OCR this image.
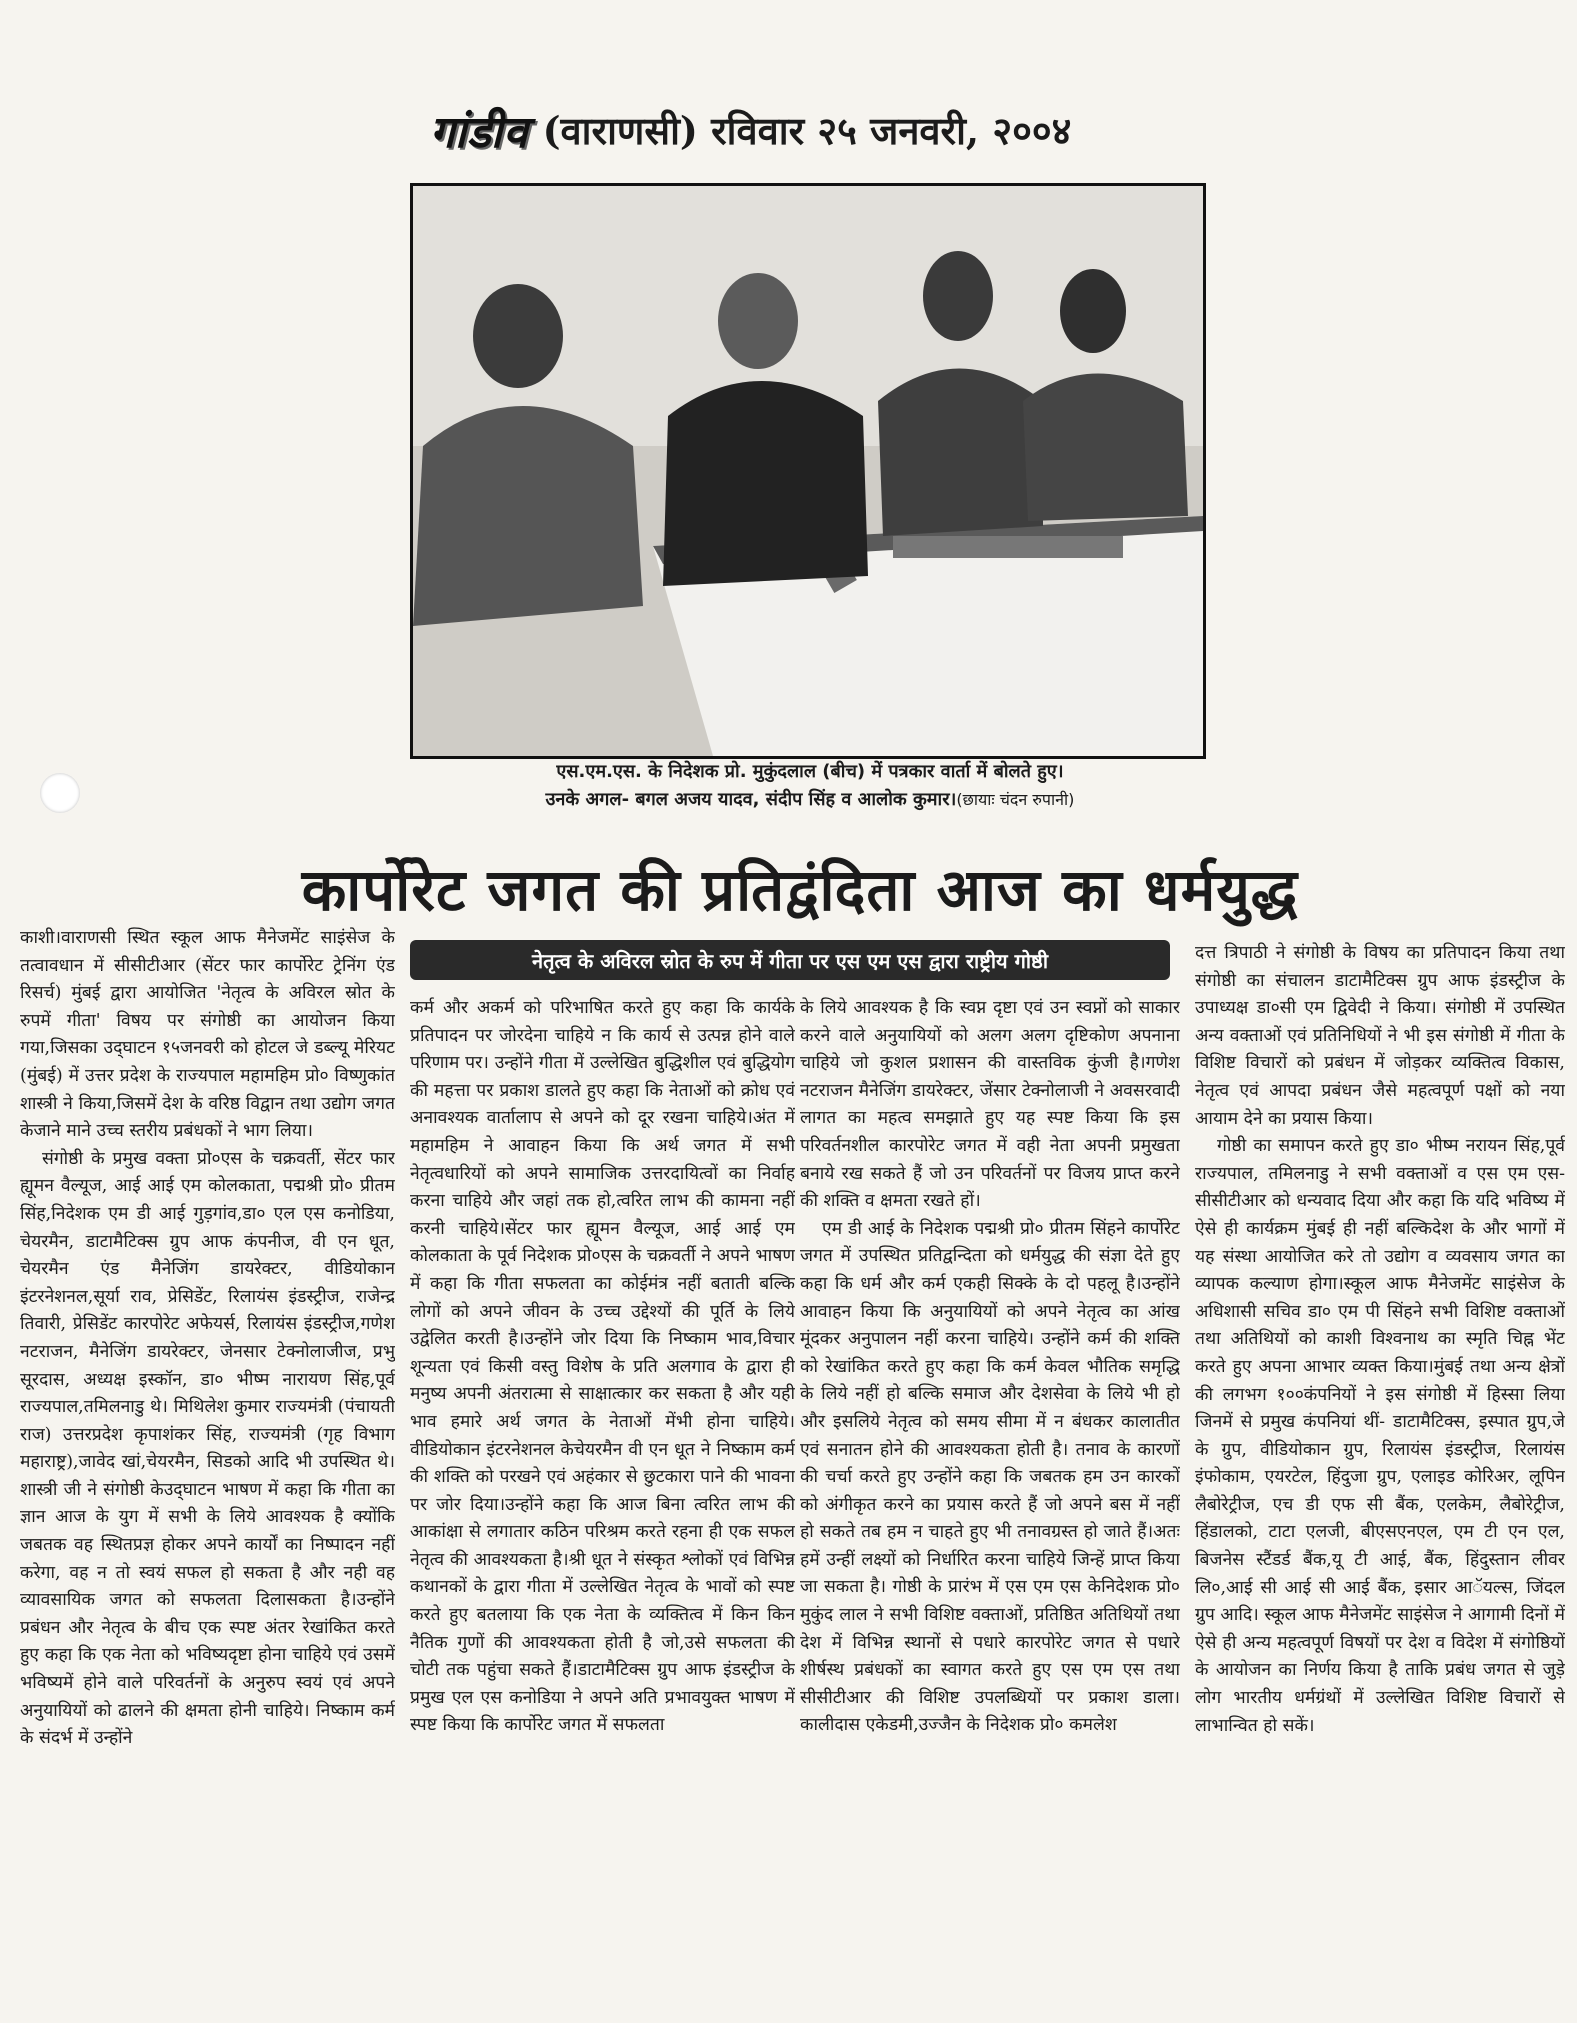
गांडीव (वाराणसी) रविवार २५ जनवरी, २००४
एस.एम.एस. के निदेशक प्रो. मुकुंदलाल (बीच) में पत्रकार वार्ता में बोलते हुए।
उनके अगल- बगल अजय यादव, संदीप सिंह व आलोक कुमार।(छायाः चंदन रुपानी)
कार्पोरेट जगत की प्रतिद्वंदिता आज का धर्मयुद्ध
नेतृत्व के अविरल स्रोत के रुप में गीता पर एस एम एस द्वारा राष्ट्रीय गोष्ठी

काशी।वाराणसी स्थित स्कूल आफ मैनेजमेंट साइंसेज के तत्वावधान में सीसीटीआर (सेंटर फार कार्पोरेट ट्रेनिंग एंड रिसर्च) मुंबई द्वारा आयोजित 'नेतृत्व के अविरल स्रोत के रुपमें गीता' विषय पर संगोष्ठी का आयोजन किया गया,जिसका उद्‌घाटन १५जनवरी को होटल जे डब्ल्यू मेरियट (मुंबई) में उत्तर प्रदेश के राज्यपाल महामहिम प्रो० विष्णुकांत शास्त्री ने किया,जिसमें देश के वरिष्ठ विद्वान तथा उद्योग जगत केजाने माने उच्च स्तरीय प्रबंधकों ने भाग लिया।

संगोष्ठी के प्रमुख वक्ता प्रो०एस के चक्रवर्ती, सेंटर फार ह्यूमन वैल्यूज, आई आई एम कोलकाता, पद्मश्री प्रो० प्रीतम सिंह,निदेशक एम डी आई गुड़गांव,डा० एल एस कनोडिया, चेयरमैन, डाटामैटिक्स ग्रुप आफ कंपनीज, वी एन धूत, चेयरमैन एंड मैनेजिंग डायरेक्टर, वीडियोकान इंटरनेशनल,सूर्या राव, प्रेसिडेंट, रिलायंस इंडस्ट्रीज, राजेन्द्र तिवारी, प्रेसिडेंट कारपोरेट अफेयर्स, रिलायंस इंडस्ट्रीज,गणेश नटराजन, मैनेजिंग डायरेक्टर, जेनसार टेक्नोलाजीज, प्रभु सूरदास, अध्यक्ष इस्कॉन, डा० भीष्म नारायण सिंह,पूर्व राज्यपाल,तमिलनाडु थे। मिथिलेश कुमार राज्यमंत्री (पंचायती राज) उत्तरप्रदेश कृपाशंकर सिंह, राज्यमंत्री (गृह विभाग महाराष्ट्र),जावेद खां,चेयरमैन, सिडको आदि भी उपस्थित थे।शास्त्री जी ने संगोष्ठी केउद्‌घाटन भाषण में कहा कि गीता का ज्ञान आज के युग में सभी के लिये आवश्यक है क्योंकि जबतक वह स्थितप्रज्ञ होकर अपने कार्यों का निष्पादन नहीं करेगा, वह न तो स्वयं सफल हो सकता है और नही वह व्यावसायिक जगत को सफलता दिलासकता है।उन्होंने प्रबंधन और नेतृत्व के बीच एक स्पष्ट अंतर रेखांकित करते हुए कहा कि एक नेता को भविष्यदृष्टा होना चाहिये एवं उसमें भविष्यमें होने वाले परिवर्तनों के अनुरुप स्वयं एवं अपने अनुयायियों को ढालने की क्षमता होनी चाहिये। निष्काम कर्म के संदर्भ में उन्होंने

कर्म और अकर्म को परिभाषित करते हुए कहा कि कार्यके प्रतिपादन पर जोरदेना चाहिये न कि कार्य से उत्पन्न होने वाले परिणाम पर। उन्होंने गीता में उल्लेखित बुद्धिशील एवं बुद्धियोग की महत्ता पर प्रकाश डालते हुए कहा कि नेताओं को क्रोध एवं अनावश्यक वार्तालाप से अपने को दूर रखना चाहिये।अंत में महामहिम ने आवाहन किया कि अर्थ जगत में सभी नेतृत्वधारियों को अपने सामाजिक उत्तरदायित्वों का निर्वाह करना चाहिये और जहां तक हो,त्वरित लाभ की कामना नहीं करनी चाहिये।सेंटर फार ह्यूमन वैल्यूज, आई आई एम कोलकाता के पूर्व निदेशक प्रो०एस के चक्रवर्ती ने अपने भाषण में कहा कि गीता सफलता का कोईमंत्र नहीं बताती बल्कि लोगों को अपने जीवन के उच्च उद्देश्यों की पूर्ति के लिये उद्वेलित करती है।उन्होंने जोर दिया कि निष्काम भाव,विचार शून्यता एवं किसी वस्तु विशेष के प्रति अलगाव के द्वारा ही मनुष्य अपनी अंतरात्मा से साक्षात्कार कर सकता है और यही भाव हमारे अर्थ जगत के नेताओं मेंभी होना चाहिये। वीडियोकान इंटरनेशनल केचेयरमैन वी एन धूत ने निष्काम कर्म की शक्ति को परखने एवं अहंकार से छुटकारा पाने की भावना पर जोर दिया।उन्होंने कहा कि आज बिना त्वरित लाभ की आकांक्षा से लगातार कठिन परिश्रम करते रहना ही एक सफल नेतृत्व की आवश्यकता है।श्री धूत ने संस्कृत श्लोकों एवं विभिन्न कथानकों के द्वारा गीता में उल्लेखित नेतृत्व के भावों को स्पष्ट करते हुए बतलाया कि एक नेता के व्यक्तित्व में किन किन नैतिक गुणों की आवश्यकता होती है जो,उसे सफलता की चोटी तक पहुंचा सकते हैं।डाटामैटिक्स ग्रुप आफ इंडस्ट्रीज के प्रमुख एल एस कनोडिया ने अपने अति प्रभावयुक्त भाषण में स्पष्ट किया कि कार्पोरेट जगत में सफलता

के लिये आवश्यक है कि स्वप्न दृष्टा एवं उन स्वप्नों को साकार करने वाले अनुयायियों को अलग अलग दृष्टिकोण अपनाना चाहिये जो कुशल प्रशासन की वास्तविक कुंजी है।गणेश नटराजन मैनेजिंग डायरेक्टर, जेंसार टेक्नोलाजी ने अवसरवादी लागत का महत्व समझाते हुए यह स्पष्ट किया कि इस परिवर्तनशील कारपोरेट जगत में वही नेता अपनी प्रमुखता बनाये रख सकते हैं जो उन परिवर्तनों पर विजय प्राप्त करने की शक्ति व क्षमता रखते हों।

एम डी आई के निदेशक पद्मश्री प्रो० प्रीतम सिंहने कार्पोरेट जगत में उपस्थित प्रतिद्वन्दिता को धर्मयुद्ध की संज्ञा देते हुए कहा कि धर्म और कर्म एकही सिक्के के दो पहलू है।उन्होंने आवाहन किया कि अनुयायियों को अपने नेतृत्व का आंख मूंदकर अनुपालन नहीं करना चाहिये। उन्होंने कर्म की शक्ति को रेखांकित करते हुए कहा कि कर्म केवल भौतिक समृद्धि के लिये नहीं हो बल्कि समाज और देशसेवा के लिये भी हो और इसलिये नेतृत्व को समय सीमा में न बंधकर कालातीत एवं सनातन होने की आवश्यकता होती है। तनाव के कारणों की चर्चा करते हुए उन्होंने कहा कि जबतक हम उन कारकों को अंगीकृत करने का प्रयास करते हैं जो अपने बस में नहीं हो सकते तब हम न चाहते हुए भी तनावग्रस्त हो जाते हैं।अतः हमें उन्हीं लक्ष्यों को निर्धारित करना चाहिये जिन्हें प्राप्त किया जा सकता है। गोष्ठी के प्रारंभ में एस एम एस केनिदेशक प्रो० मुकुंद लाल ने सभी विशिष्ट वक्ताओं, प्रतिष्ठित अतिथियों तथा देश में विभिन्न स्थानों से पधारे कारपोरेट जगत से पधारे शीर्षस्थ प्रबंधकों का स्वागत करते हुए एस एम एस तथा सीसीटीआर की विशिष्ट उपलब्धियों पर प्रकाश डाला। कालीदास एकेडमी,उज्जैन के निदेशक प्रो० कमलेश

दत्त त्रिपाठी ने संगोष्ठी के विषय का प्रतिपादन किया तथा संगोष्ठी का संचालन डाटामैटिक्स ग्रुप आफ इंडस्ट्रीज के उपाध्यक्ष डा०सी एम द्विवेदी ने किया। संगोष्ठी में उपस्थित अन्य वक्ताओं एवं प्रतिनिधियों ने भी इस संगोष्ठी में गीता के विशिष्ट विचारों को प्रबंधन में जोड़कर व्यक्तित्व विकास, नेतृत्व एवं आपदा प्रबंधन जैसे महत्वपूर्ण पक्षों को नया आयाम देने का प्रयास किया।

गोष्ठी का समापन करते हुए डा० भीष्म नरायन सिंह,पूर्व राज्यपाल, तमिलनाडु ने सभी वक्ताओं व एस एम एस-सीसीटीआर को धन्यवाद दिया और कहा कि यदि भविष्य में ऐसे ही कार्यक्रम मुंबई ही नहीं बल्किदेश के और भागों में यह संस्था आयोजित करे तो उद्योग व व्यवसाय जगत का व्यापक कल्याण होगा।स्कूल आफ मैनेजमेंट साइंसेज के अधिशासी सचिव डा० एम पी सिंहने सभी विशिष्ट वक्ताओं तथा अतिथियों को काशी विश्वनाथ का स्मृति चिह्न भेंट करते हुए अपना आभार व्यक्त किया।मुंबई तथा अन्य क्षेत्रों की लगभग १००कंपनियों ने इस संगोष्ठी में हिस्सा लिया जिनमें से प्रमुख कंपनियां थीं- डाटामैटिक्स, इस्पात ग्रुप,जे के ग्रुप, वीडियोकान ग्रुप, रिलायंस इंडस्ट्रीज, रिलायंस इंफोकाम, एयरटेल, हिंदुजा ग्रुप, एलाइड कोरिअर, लूपिन लैबोरेट्रीज, एच डी एफ सी बैंक, एलकेम, लैबोरेट्रीज, हिंडालको, टाटा एलजी, बीएसएनएल, एम टी एन एल, बिजनेस स्टैंडर्ड बैंक,यू टी आई, बैंक, हिंदुस्तान लीवर लि०,आई सी आई सी आई बैंक, इसार आॅयल्स, जिंदल ग्रुप आदि। स्कूल आफ मैनेजमेंट साइंसेज ने आगामी दिनों में ऐसे ही अन्य महत्वपूर्ण विषयों पर देश व विदेश में संगोष्ठियों के आयोजन का निर्णय किया है ताकि प्रबंध जगत से जुड़े लोग भारतीय धर्मग्रंथों में उल्लेखित विशिष्ट विचारों से लाभान्वित हो सकें।
